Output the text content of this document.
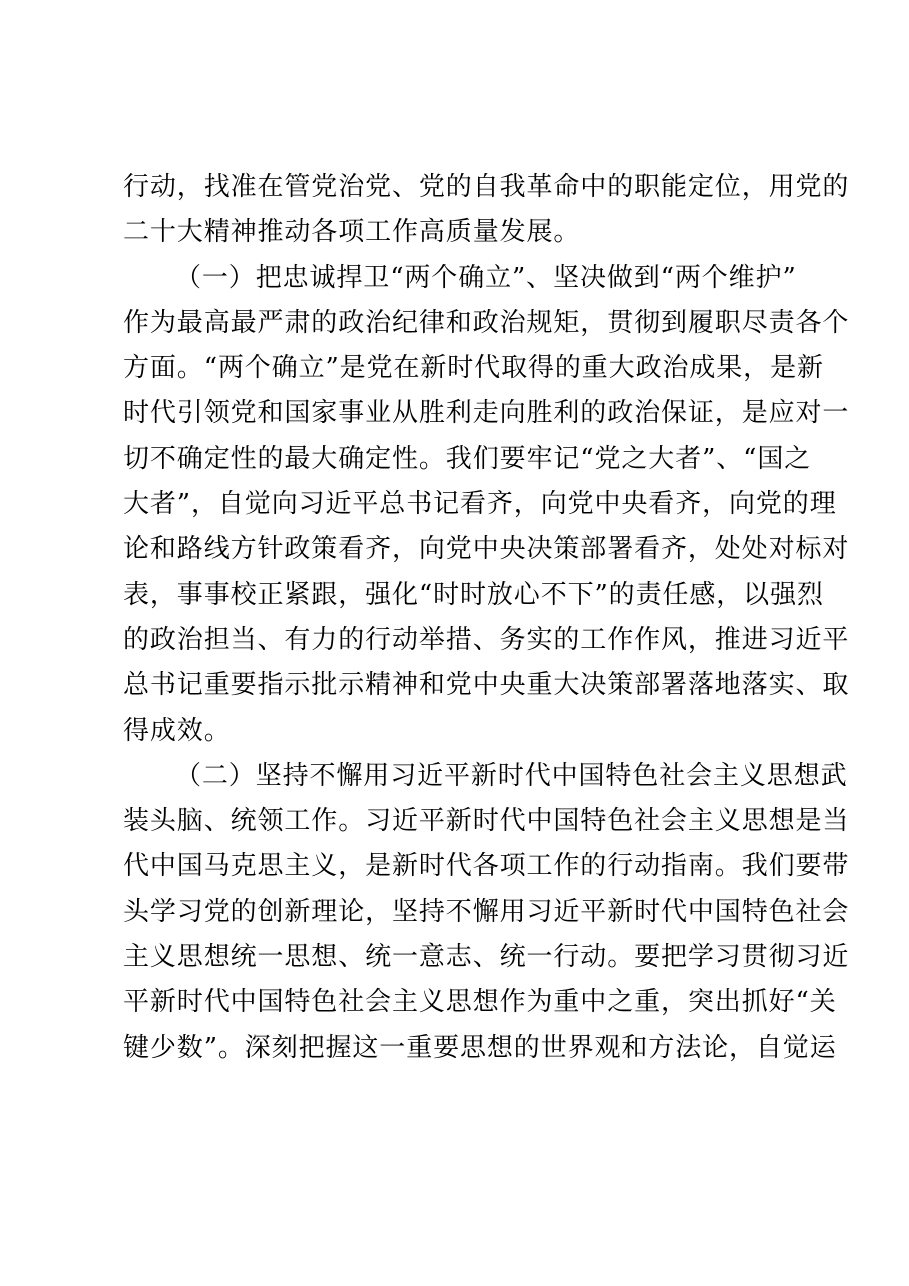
行动，找准在管党治党、党的自我革命中的职能定位，用党的
二十大精神推动各项工作高质量发展。
（一）把忠诚捍卫“两个确立”、坚决做到“两个维护”
作为最高最严肃的政治纪律和政治规矩，贯彻到履职尽责各个
方面。“两个确立”是党在新时代取得的重大政治成果，是新
时代引领党和国家事业从胜利走向胜利的政治保证，是应对一
切不确定性的最大确定性。我们要牢记“党之大者”、“国之
大者”，自觉向习近平总书记看齐，向党中央看齐，向党的理
论和路线方针政策看齐，向党中央决策部署看齐，处处对标对
表，事事校正紧跟，强化“时时放心不下”的责任感，以强烈
的政治担当、有力的行动举措、务实的工作作风，推进习近平
总书记重要指示批示精神和党中央重大决策部署落地落实、取
得成效。
（二）坚持不懈用习近平新时代中国特色社会主义思想武
装头脑、统领工作。习近平新时代中国特色社会主义思想是当
代中国马克思主义，是新时代各项工作的行动指南。我们要带
头学习党的创新理论，坚持不懈用习近平新时代中国特色社会
主义思想统一思想、统一意志、统一行动。要把学习贯彻习近
平新时代中国特色社会主义思想作为重中之重，突出抓好“关
键少数”。深刻把握这一重要思想的世界观和方法论，自觉运
